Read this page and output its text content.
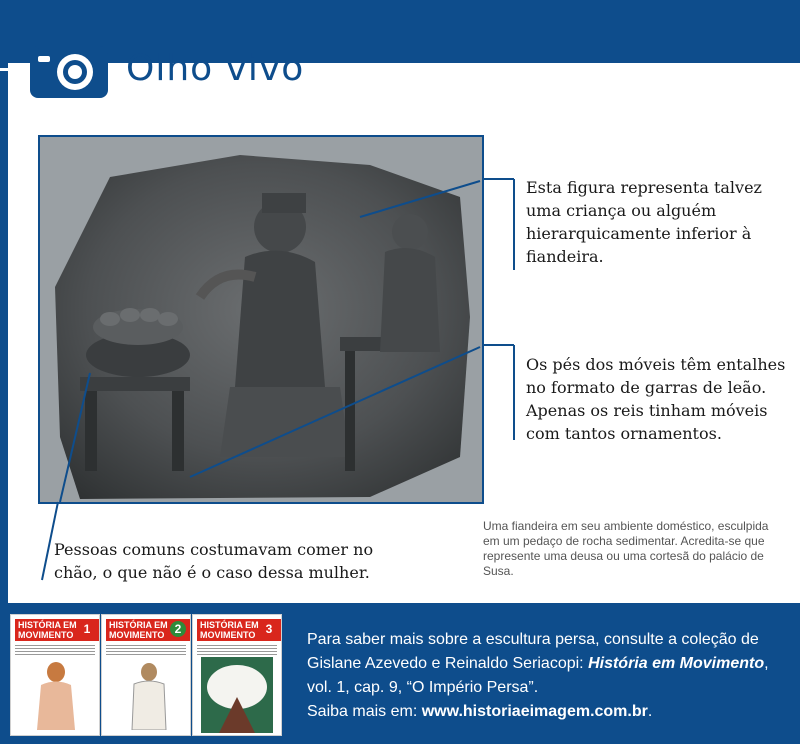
Olho vivo
Esta figura representa talvez uma criança ou alguém hierarquicamente inferior à fiandeira.
Os pés dos móveis têm entalhes no formato de garras de leão. Apenas os reis tinham móveis com tantos ornamentos.
Pessoas comuns costumavam comer no chão, o que não é o caso dessa mulher.
Uma fiandeira em seu ambiente doméstico, esculpida em um pedaço de rocha sedimentar. Acredita-se que represente uma deusa ou uma cortesã do palácio de Susa.
HISTÓRIA EM MOVIMENTO 1	HISTÓRIA EM MOVIMENTO 2	HISTÓRIA EM MOVIMENTO 3
Para saber mais sobre a escultura persa, consulte a coleção de
Gislane Azevedo e Reinaldo Seriacopi: História em Movimento,
vol. 1, cap. 9, “O Império Persa”.
Saiba mais em: www.historiaeimagem.com.br.
